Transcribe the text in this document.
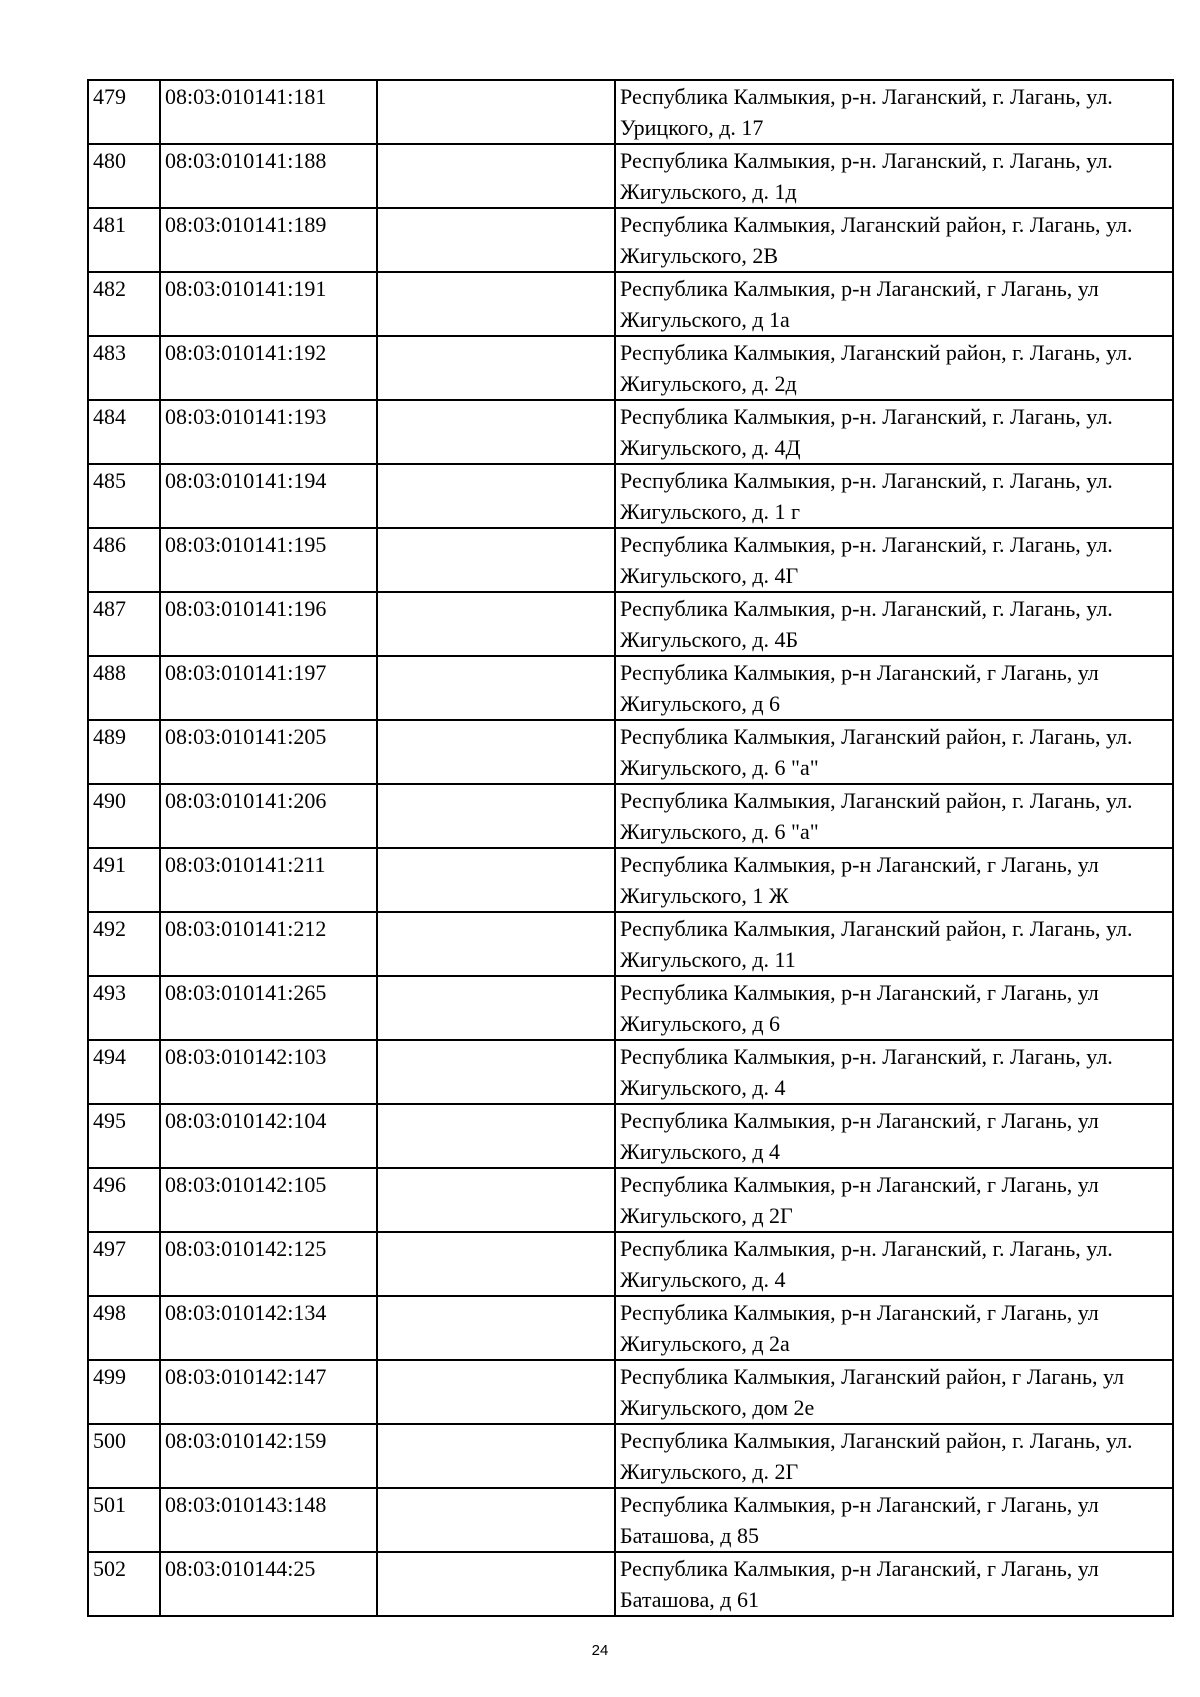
479	08:03:010141:181		Республика Калмыкия, р-н. Лаганский, г. Лагань, ул. Урицкого, д. 17
480	08:03:010141:188		Республика Калмыкия, р-н. Лаганский, г. Лагань, ул. Жигульского, д. 1д
481	08:03:010141:189		Республика Калмыкия, Лаганский район, г. Лагань, ул. Жигульского, 2В
482	08:03:010141:191		Республика Калмыкия, р-н Лаганский, г Лагань, ул Жигульского, д 1а
483	08:03:010141:192		Республика Калмыкия, Лаганский район, г. Лагань, ул. Жигульского, д. 2д
484	08:03:010141:193		Республика Калмыкия, р-н. Лаганский, г. Лагань, ул. Жигульского, д. 4Д
485	08:03:010141:194		Республика Калмыкия, р-н. Лаганский, г. Лагань, ул. Жигульского, д. 1 г
486	08:03:010141:195		Республика Калмыкия, р-н. Лаганский, г. Лагань, ул. Жигульского, д. 4Г
487	08:03:010141:196		Республика Калмыкия, р-н. Лаганский, г. Лагань, ул. Жигульского, д. 4Б
488	08:03:010141:197		Республика Калмыкия, р-н Лаганский, г Лагань, ул Жигульского, д 6
489	08:03:010141:205		Республика Калмыкия, Лаганский район, г. Лагань, ул. Жигульского, д. 6 "а"
490	08:03:010141:206		Республика Калмыкия, Лаганский район, г. Лагань, ул. Жигульского, д. 6 "а"
491	08:03:010141:211		Республика Калмыкия, р-н Лаганский, г Лагань, ул Жигульского, 1 Ж
492	08:03:010141:212		Республика Калмыкия, Лаганский район, г. Лагань, ул. Жигульского, д. 11
493	08:03:010141:265		Республика Калмыкия, р-н Лаганский, г Лагань, ул Жигульского, д 6
494	08:03:010142:103		Республика Калмыкия, р-н. Лаганский, г. Лагань, ул. Жигульского, д. 4
495	08:03:010142:104		Республика Калмыкия, р-н Лаганский, г Лагань, ул Жигульского, д 4
496	08:03:010142:105		Республика Калмыкия, р-н Лаганский, г Лагань, ул Жигульского, д 2Г
497	08:03:010142:125		Республика Калмыкия, р-н. Лаганский, г. Лагань, ул. Жигульского, д. 4
498	08:03:010142:134		Республика Калмыкия, р-н Лаганский, г Лагань, ул Жигульского, д 2а
499	08:03:010142:147		Республика Калмыкия, Лаганский район, г Лагань, ул Жигульского, дом 2е
500	08:03:010142:159		Республика Калмыкия, Лаганский район, г. Лагань, ул. Жигульского, д. 2Г
501	08:03:010143:148		Республика Калмыкия, р-н Лаганский, г Лагань, ул Баташова, д 85
502	08:03:010144:25		Республика Калмыкия, р-н Лаганский, г Лагань, ул Баташова, д 61
24
